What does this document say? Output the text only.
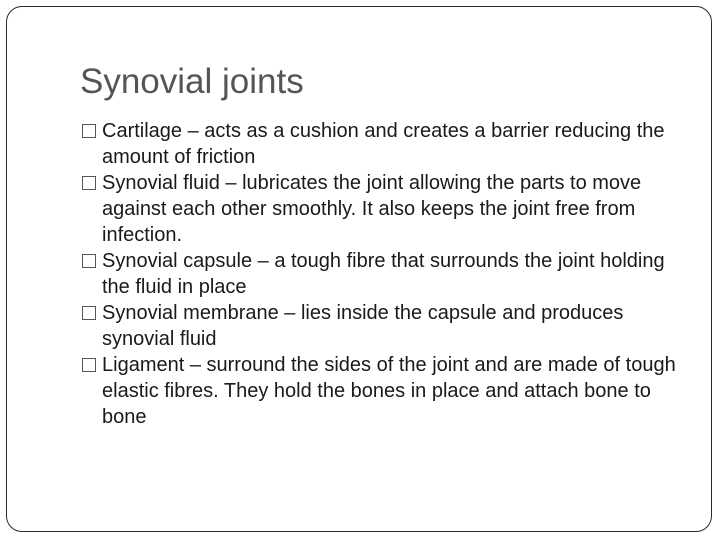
Synovial joints
Cartilage – acts as a cushion and creates a barrier reducing the amount of friction
Synovial fluid – lubricates the joint allowing the parts to move against each other smoothly. It also keeps the joint free from infection.
Synovial capsule – a tough fibre that surrounds the joint holding the fluid in place
Synovial membrane – lies inside the capsule and produces synovial fluid
Ligament – surround the sides of the joint and are made of tough elastic fibres. They hold the bones in place and attach bone to bone
